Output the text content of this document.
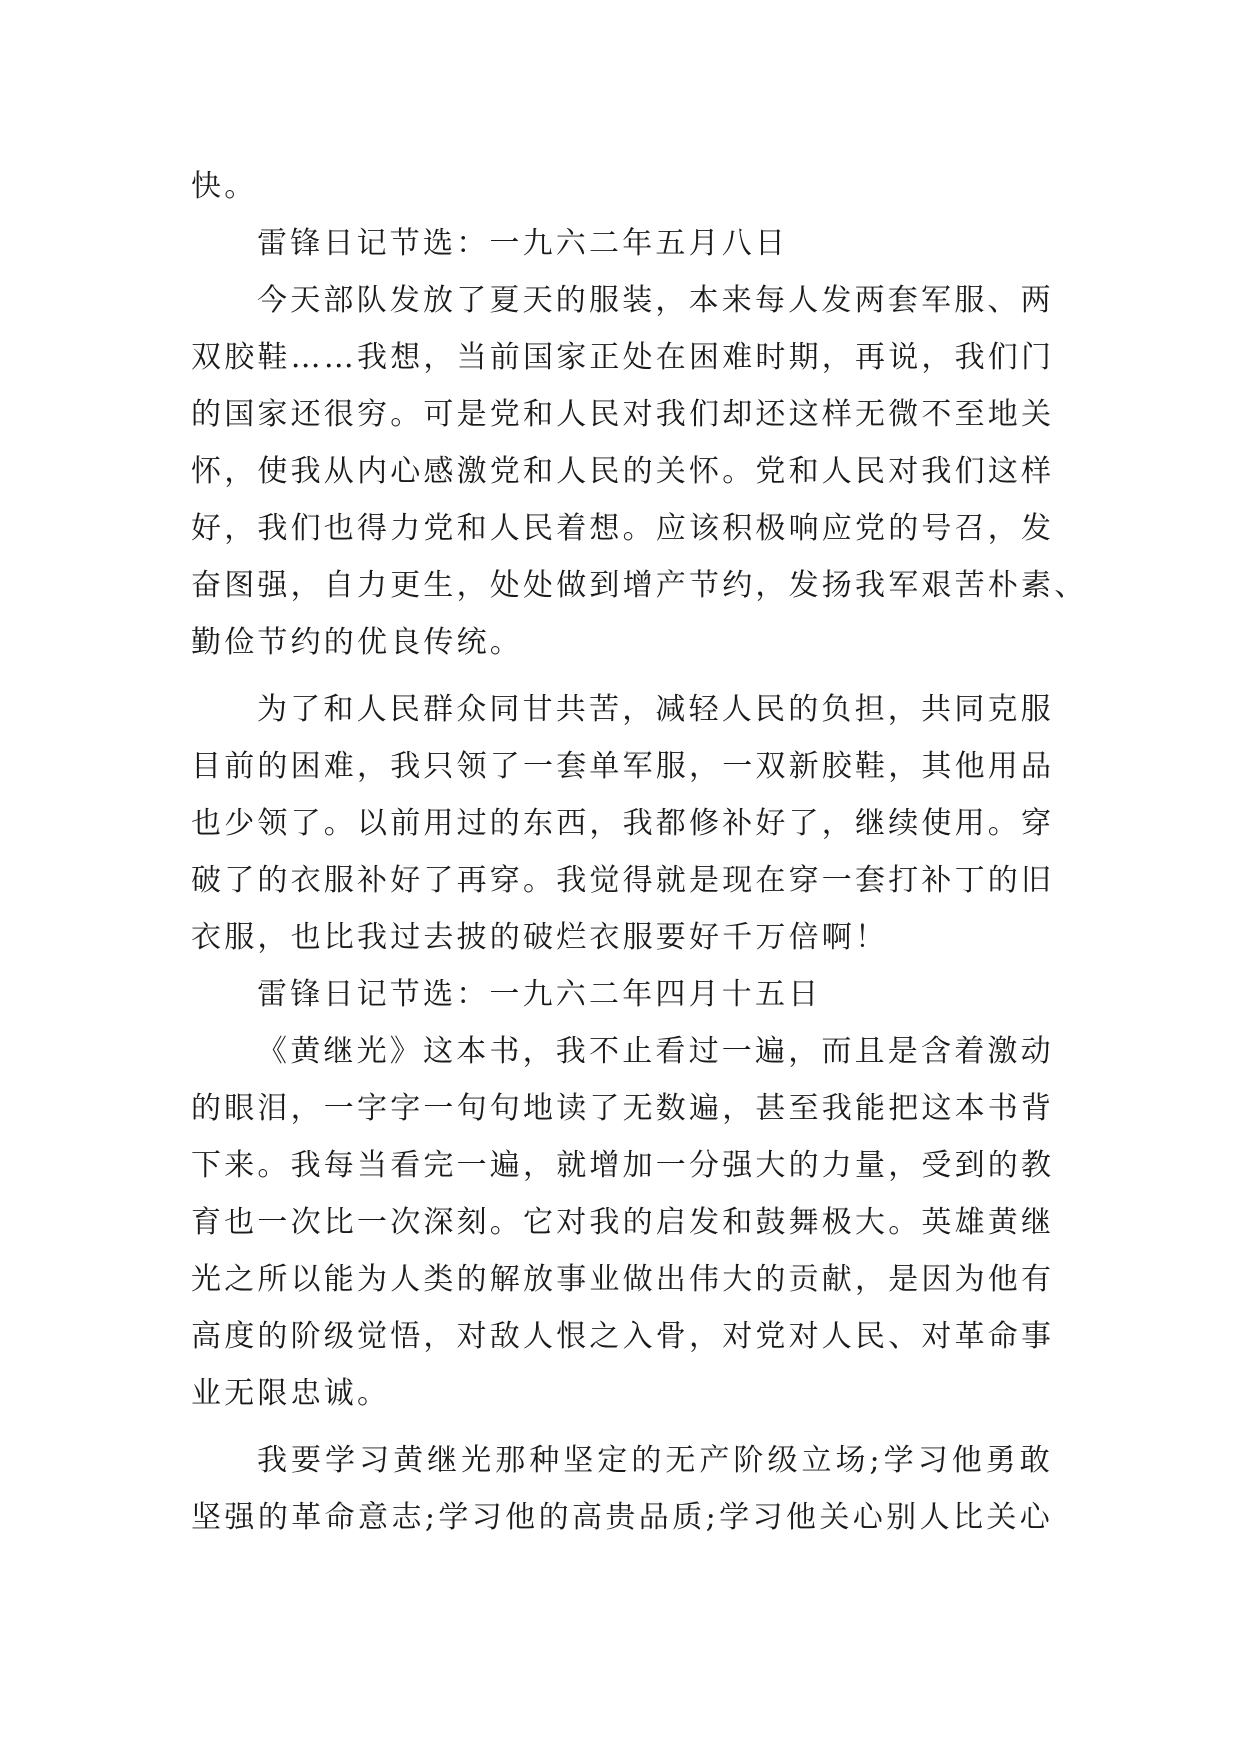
快。

雷锋日记节选：一九六二年五月八日

今天部队发放了夏天的服装，本来每人发两套军服、两
双胶鞋……我想，当前国家正处在困难时期，再说，我们门
的国家还很穷。可是党和人民对我们却还这样无微不至地关
怀，使我从内心感激党和人民的关怀。党和人民对我们这样
好，我们也得力党和人民着想。应该积极响应党的号召，发
奋图强，自力更生，处处做到增产节约，发扬我军艰苦朴素、
勤俭节约的优良传统。

为了和人民群众同甘共苦，减轻人民的负担，共同克服
目前的困难，我只领了一套单军服，一双新胶鞋，其他用品
也少领了。以前用过的东西，我都修补好了，继续使用。穿
破了的衣服补好了再穿。我觉得就是现在穿一套打补丁的旧
衣服，也比我过去披的破烂衣服要好千万倍啊！

雷锋日记节选：一九六二年四月十五日

《黄继光》这本书，我不止看过一遍，而且是含着激动
的眼泪，一字字一句句地读了无数遍，甚至我能把这本书背
下来。我每当看完一遍，就增加一分强大的力量，受到的教
育也一次比一次深刻。它对我的启发和鼓舞极大。英雄黄继
光之所以能为人类的解放事业做出伟大的贡献，是因为他有
高度的阶级觉悟，对敌人恨之入骨，对党对人民、对革命事
业无限忠诚。

我要学习黄继光那种坚定的无产阶级立场;学习他勇敢
坚强的革命意志;学习他的高贵品质;学习他关心别人比关心
